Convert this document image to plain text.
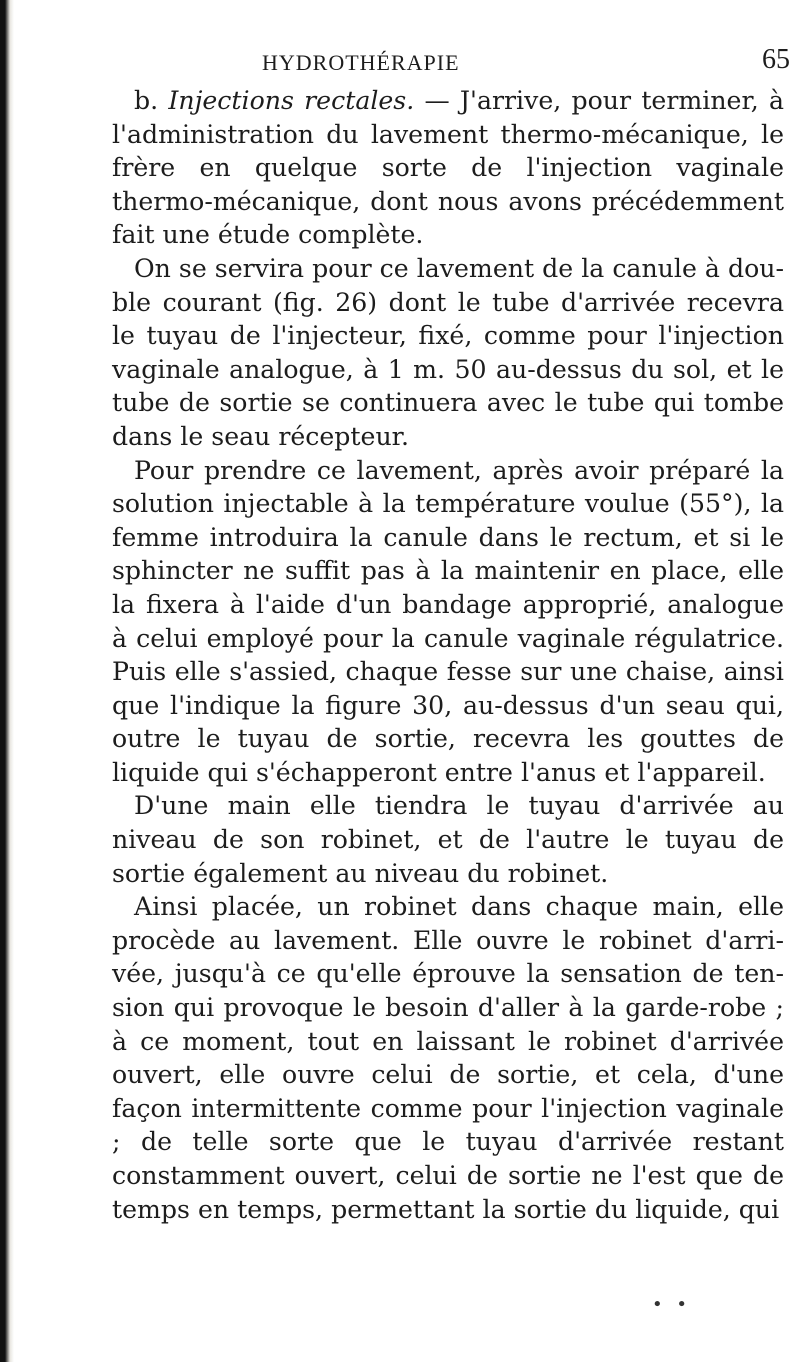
HYDROTHÉRAPIE	65

b. Injections rectales. — J'arrive, pour terminer, à l'administration du lavement thermo-mécanique, le frère en quelque sorte de l'injection vaginale thermo-mécanique, dont nous avons précédemment fait une étude complète.

On se servira pour ce lavement de la canule à double courant (fig. 26) dont le tube d'arrivée recevra le tuyau de l'injecteur, fixé, comme pour l'injection vaginale analogue, à 1 m. 50 au-dessus du sol, et le tube de sortie se continuera avec le tube qui tombe dans le seau récepteur.

Pour prendre ce lavement, après avoir préparé la solution injectable à la température voulue (55°), la femme introduira la canule dans le rectum, et si le sphincter ne suffit pas à la maintenir en place, elle la fixera à l'aide d'un bandage approprié, analogue à celui employé pour la canule vaginale régulatrice. Puis elle s'assied, chaque fesse sur une chaise, ainsi que l'indique la figure 30, au-dessus d'un seau qui, outre le tuyau de sortie, recevra les gouttes de liquide qui s'échapperont entre l'anus et l'appareil.

D'une main elle tiendra le tuyau d'arrivée au niveau de son robinet, et de l'autre le tuyau de sortie également au niveau du robinet.

Ainsi placée, un robinet dans chaque main, elle procède au lavement. Elle ouvre le robinet d'arrivée, jusqu'à ce qu'elle éprouve la sensation de tension qui provoque le besoin d'aller à la garde-robe ; à ce moment, tout en laissant le robinet d'arrivée ouvert, elle ouvre celui de sortie, et cela, d'une façon intermittente comme pour l'injection vaginale ; de telle sorte que le tuyau d'arrivée restant constamment ouvert, celui de sortie ne l'est que de temps en temps, permettant la sortie du liquide, qui

• •
